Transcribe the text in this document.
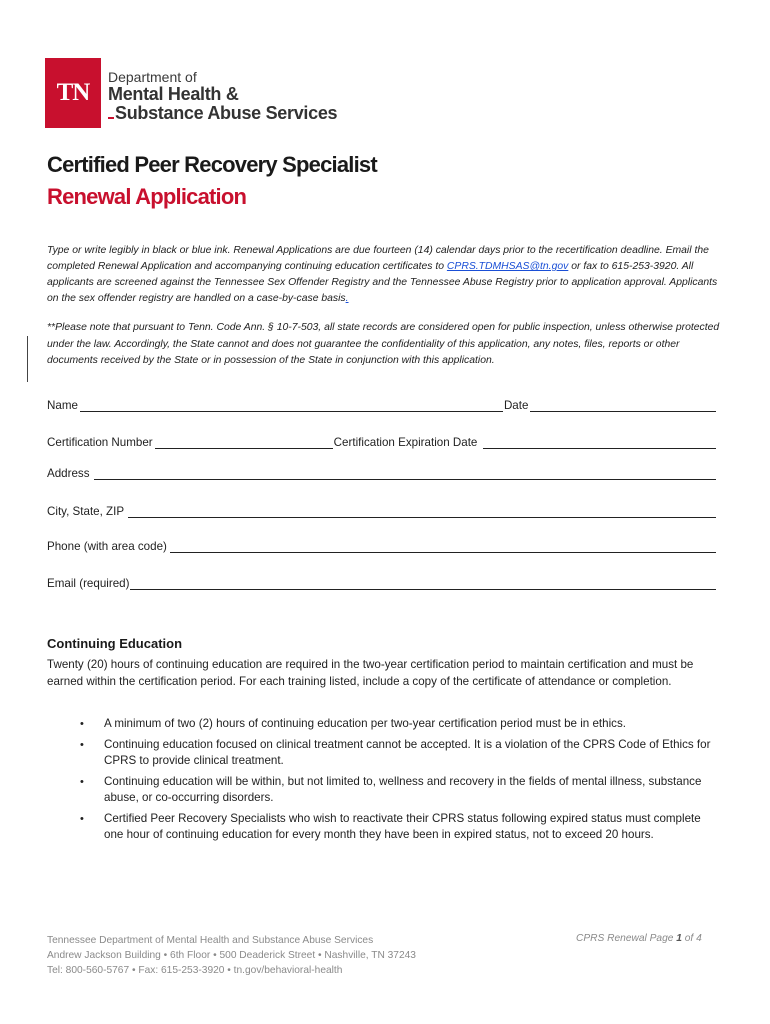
TN
Department of
Mental Health &
Substance Abuse Services
Certified Peer Recovery Specialist
Renewal Application
Type or write legibly in black or blue ink. Renewal Applications are due fourteen (14) calendar days prior to the recertification deadline. Email the completed Renewal Application and accompanying continuing education certificates to CPRS.TDMHSAS@tn.gov or fax to 615-253-3920. All applicants are screened against the Tennessee Sex Offender Registry and the Tennessee Abuse Registry prior to application approval. Applicants on the sex offender registry are handled on a case-by-case basis.
**Please note that pursuant to Tenn. Code Ann. § 10-7-503, all state records are considered open for public inspection, unless otherwise protected under the law. Accordingly, the State cannot and does not guarantee the confidentiality of this application, any notes, files, reports or other documents received by the State or in possession of the State in conjunction with this application.
Name	Date
Certification Number	Certification Expiration Date
Address
City, State, ZIP
Phone (with area code)
Email (required)
Continuing Education
Twenty (20) hours of continuing education are required in the two-year certification period to maintain certification and must be earned within the certification period. For each training listed, include a copy of the certificate of attendance or completion.
• A minimum of two (2) hours of continuing education per two-year certification period must be in ethics.
• Continuing education focused on clinical treatment cannot be accepted. It is a violation of the CPRS Code of Ethics for CPRS to provide clinical treatment.
• Continuing education will be within, but not limited to, wellness and recovery in the fields of mental illness, substance abuse, or co-occurring disorders.
• Certified Peer Recovery Specialists who wish to reactivate their CPRS status following expired status must complete one hour of continuing education for every month they have been in expired status, not to exceed 20 hours.
Tennessee Department of Mental Health and Substance Abuse Services
Andrew Jackson Building • 6th Floor • 500 Deaderick Street • Nashville, TN 37243
Tel: 800-560-5767 • Fax: 615-253-3920 • tn.gov/behavioral-health
CPRS Renewal Page 1 of 4
